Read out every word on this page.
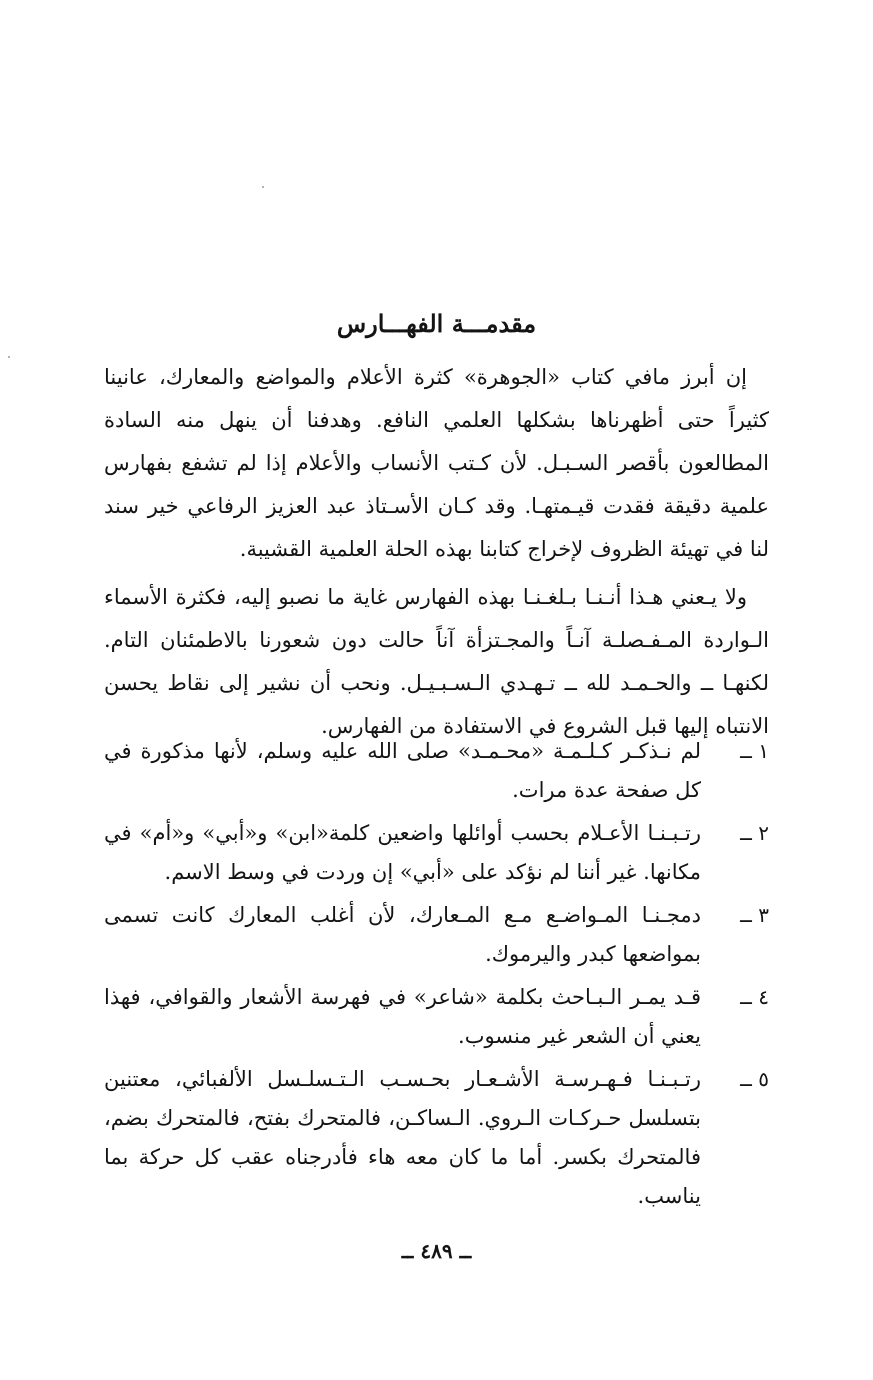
مقدمـــة الفهـــارس

إن أبرز مافي كتاب «الجوهرة» كثرة الأعلام والمواضع والمعارك، عانينا كثيراً حتى أظهرناها بشكلها العلمي النافع. وهدفنا أن ينهل منه السادة المطالعون بأقصر السـبـل. لأن كـتب الأنساب والأعلام إذا لم تشفع بفهارس علمية دقيقة فقدت قيـمتهـا. وقد كـان الأسـتاذ عبد العزيز الرفاعي خير سند لنا في تهيئة الظروف لإخراج كتابنا بهذه الحلة العلمية القشيبة.

ولا يـعني هـذا أنـنـا بـلغـنـا بهذه الفهارس غاية ما نصبو إليه، فكثرة الأسماء الـواردة المـفـصلـة آنـاً والمجـتزأة آناً حالت دون شعورنا بالاطمئنان التام. لكنهـا ــ والحـمـد لله ــ تـهـدي الـسـبـيـل. ونحب أن نشير إلى نقاط يحسن الانتباه إليها قبل الشروع في الاستفادة من الفهارس.

١ ــ
لم نـذكـر كـلـمـة «محـمـد» صلى الله عليه وسلم، لأنها مذكورة في كل صفحة عدة مرات.
٢ ــ
رتـبـنـا الأعـلام بحسب أوائلها واضعين كلمة«ابن» و«أبي» و«أم» في مكانها. غير أننا لم نؤكد على «أبي» إن وردت في وسط الاسم.
٣ ــ
دمجـنـا المـواضـع مـع المـعارك، لأن أغلب المعارك كانت تسمى بمواضعها كبدر واليرموك.
٤ ــ
قـد يمـر الـبـاحث بكلمة «شاعر» في فهرسة الأشعار والقوافي، فهذا يعني أن الشعر غير منسوب.
٥ ــ
رتـبـنـا فـهـرسـة الأشـعـار بحـسـب الـتـسلـسل الألفبائي، معتنين بتسلسل حـركـات الـروي. الـساكـن، فالمتحرك بفتح، فالمتحرك بضم، فالمتحرك بكسر. أما ما كان معه هاء فأدرجناه عقب كل حركة بما يناسب.
ــ ٤٨٩ ــ
